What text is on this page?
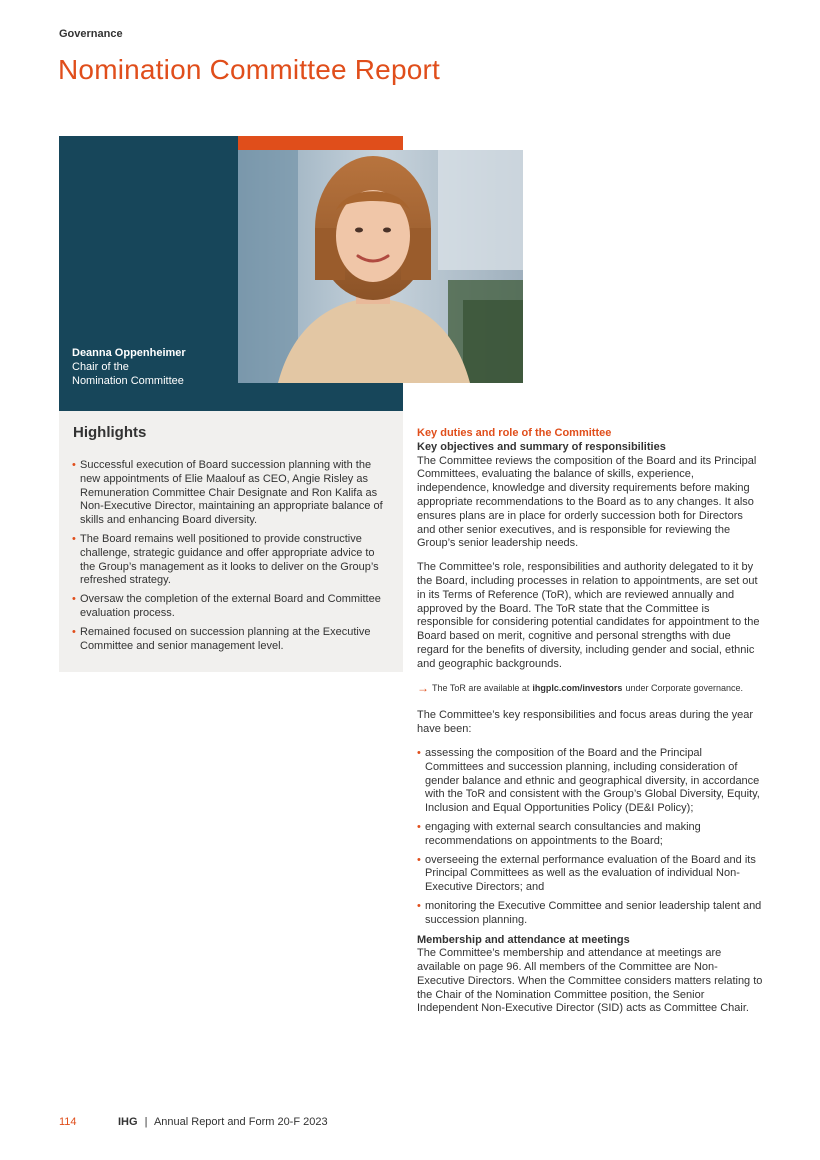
Governance
Nomination Committee Report
Deanna Oppenheimer
Chair of the
Nomination Committee
Highlights
• Successful execution of Board succession planning with the new appointments of Elie Maalouf as CEO, Angie Risley as Remuneration Committee Chair Designate and Ron Kalifa as Non-Executive Director, maintaining an appropriate balance of skills and enhancing Board diversity.
• The Board remains well positioned to provide constructive challenge, strategic guidance and offer appropriate advice to the Group’s management as it looks to deliver on the Group’s refreshed strategy.
• Oversaw the completion of the external Board and Committee evaluation process.
• Remained focused on succession planning at the Executive Committee and senior management level.
Key duties and role of the Committee
Key objectives and summary of responsibilities

The Committee reviews the composition of the Board and its Principal Committees, evaluating the balance of skills, experience, independence, knowledge and diversity requirements before making appropriate recommendations to the Board as to any changes. It also ensures plans are in place for orderly succession both for Directors and other senior executives, and is responsible for reviewing the Group’s senior leadership needs.

The Committee’s role, responsibilities and authority delegated to it by the Board, including processes in relation to appointments, are set out in its Terms of Reference (ToR), which are reviewed annually and approved by the Board. The ToR state that the Committee is responsible for considering potential candidates for appointment to the Board based on merit, cognitive and personal strengths with due regard for the benefits of diversity, including gender and social, ethnic and geographic backgrounds.

→ The ToR are available at ihgplc.com/investors under Corporate governance.

The Committee’s key responsibilities and focus areas during the year have been:

• assessing the composition of the Board and the Principal Committees and succession planning, including consideration of gender balance and ethnic and geographical diversity, in accordance with the ToR and consistent with the Group’s Global Diversity, Equity, Inclusion and Equal Opportunities Policy (DE&I Policy);
• engaging with external search consultancies and making recommendations on appointments to the Board;
• overseeing the external performance evaluation of the Board and its Principal Committees as well as the evaluation of individual Non-Executive Directors; and
• monitoring the Executive Committee and senior leadership talent and succession planning.
Membership and attendance at meetings

The Committee’s membership and attendance at meetings are available on page 96. All members of the Committee are Non-Executive Directors. When the Committee considers matters relating to the Chair of the Nomination Committee position, the Senior Independent Non-Executive Director (SID) acts as Committee Chair.

114	IHG | Annual Report and Form 20-F 2023
